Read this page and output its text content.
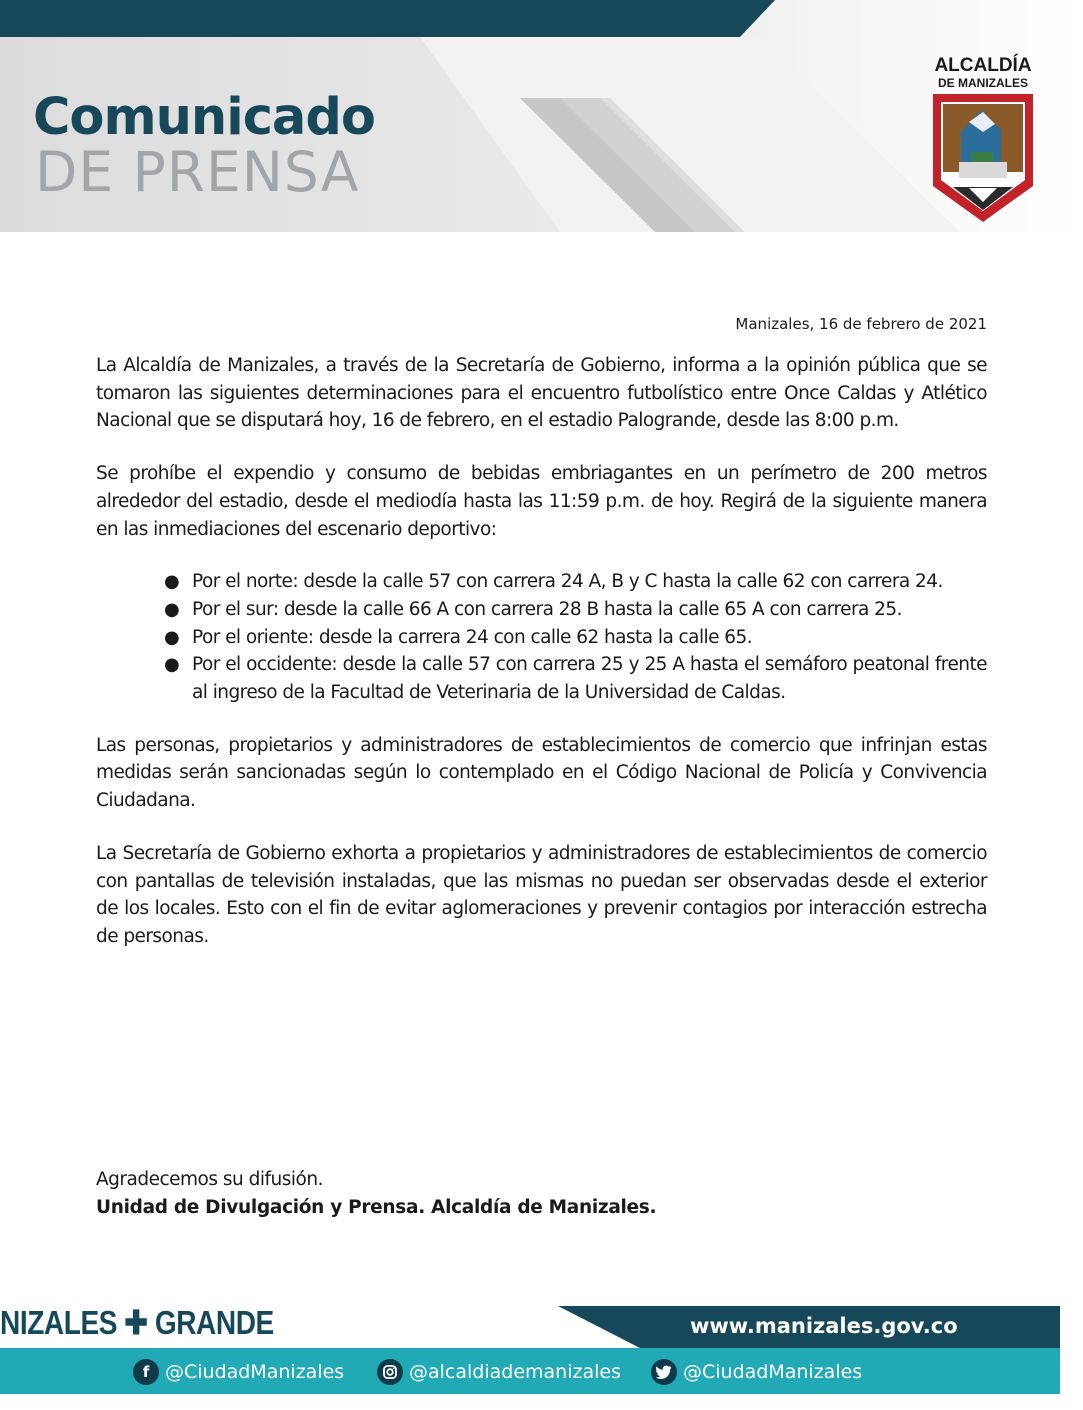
Comunicado
DE PRENSA
ALCALDÍA
DE MANIZALES
Manizales, 16 de febrero de 2021

La Alcaldía de Manizales, a través de la Secretaría de Gobierno, informa a la opinión pública que se tomaron las siguientes determinaciones para el encuentro futbolístico entre Once Caldas y Atlético Nacional que se disputará hoy, 16 de febrero, en el estadio Palogrande, desde las 8:00 p.m.

Se prohíbe el expendio y consumo de bebidas embriagantes en un perímetro de 200 metros alrededor del estadio, desde el mediodía hasta las 11:59 p.m. de hoy. Regirá de la siguiente manera en las inmediaciones del escenario deportivo:

● Por el norte: desde la calle 57 con carrera 24 A, B y C hasta la calle 62 con carrera 24.
● Por el sur: desde la calle 66 A con carrera 28 B hasta la calle 65 A con carrera 25.
● Por el oriente: desde la carrera 24 con calle 62 hasta la calle 65.
● Por el occidente: desde la calle 57 con carrera 25 y 25 A hasta el semáforo peatonal frente al ingreso de la Facultad de Veterinaria de la Universidad de Caldas.

Las personas, propietarios y administradores de establecimientos de comercio que infrinjan estas medidas serán sancionadas según lo contemplado en el Código Nacional de Policía y Convivencia Ciudadana.

La Secretaría de Gobierno exhorta a propietarios y administradores de establecimientos de comercio con pantallas de televisión instaladas, que las mismas no puedan ser observadas desde el exterior de los locales. Esto con el fin de evitar aglomeraciones y prevenir contagios por interacción estrecha de personas.

Agradecemos su difusión.
Unidad de Divulgación y Prensa. Alcaldía de Manizales.
NIZALES ✚ GRANDE	www.manizales.gov.co
f @CiudadManizales	@alcaldiademanizales	@CiudadManizales
